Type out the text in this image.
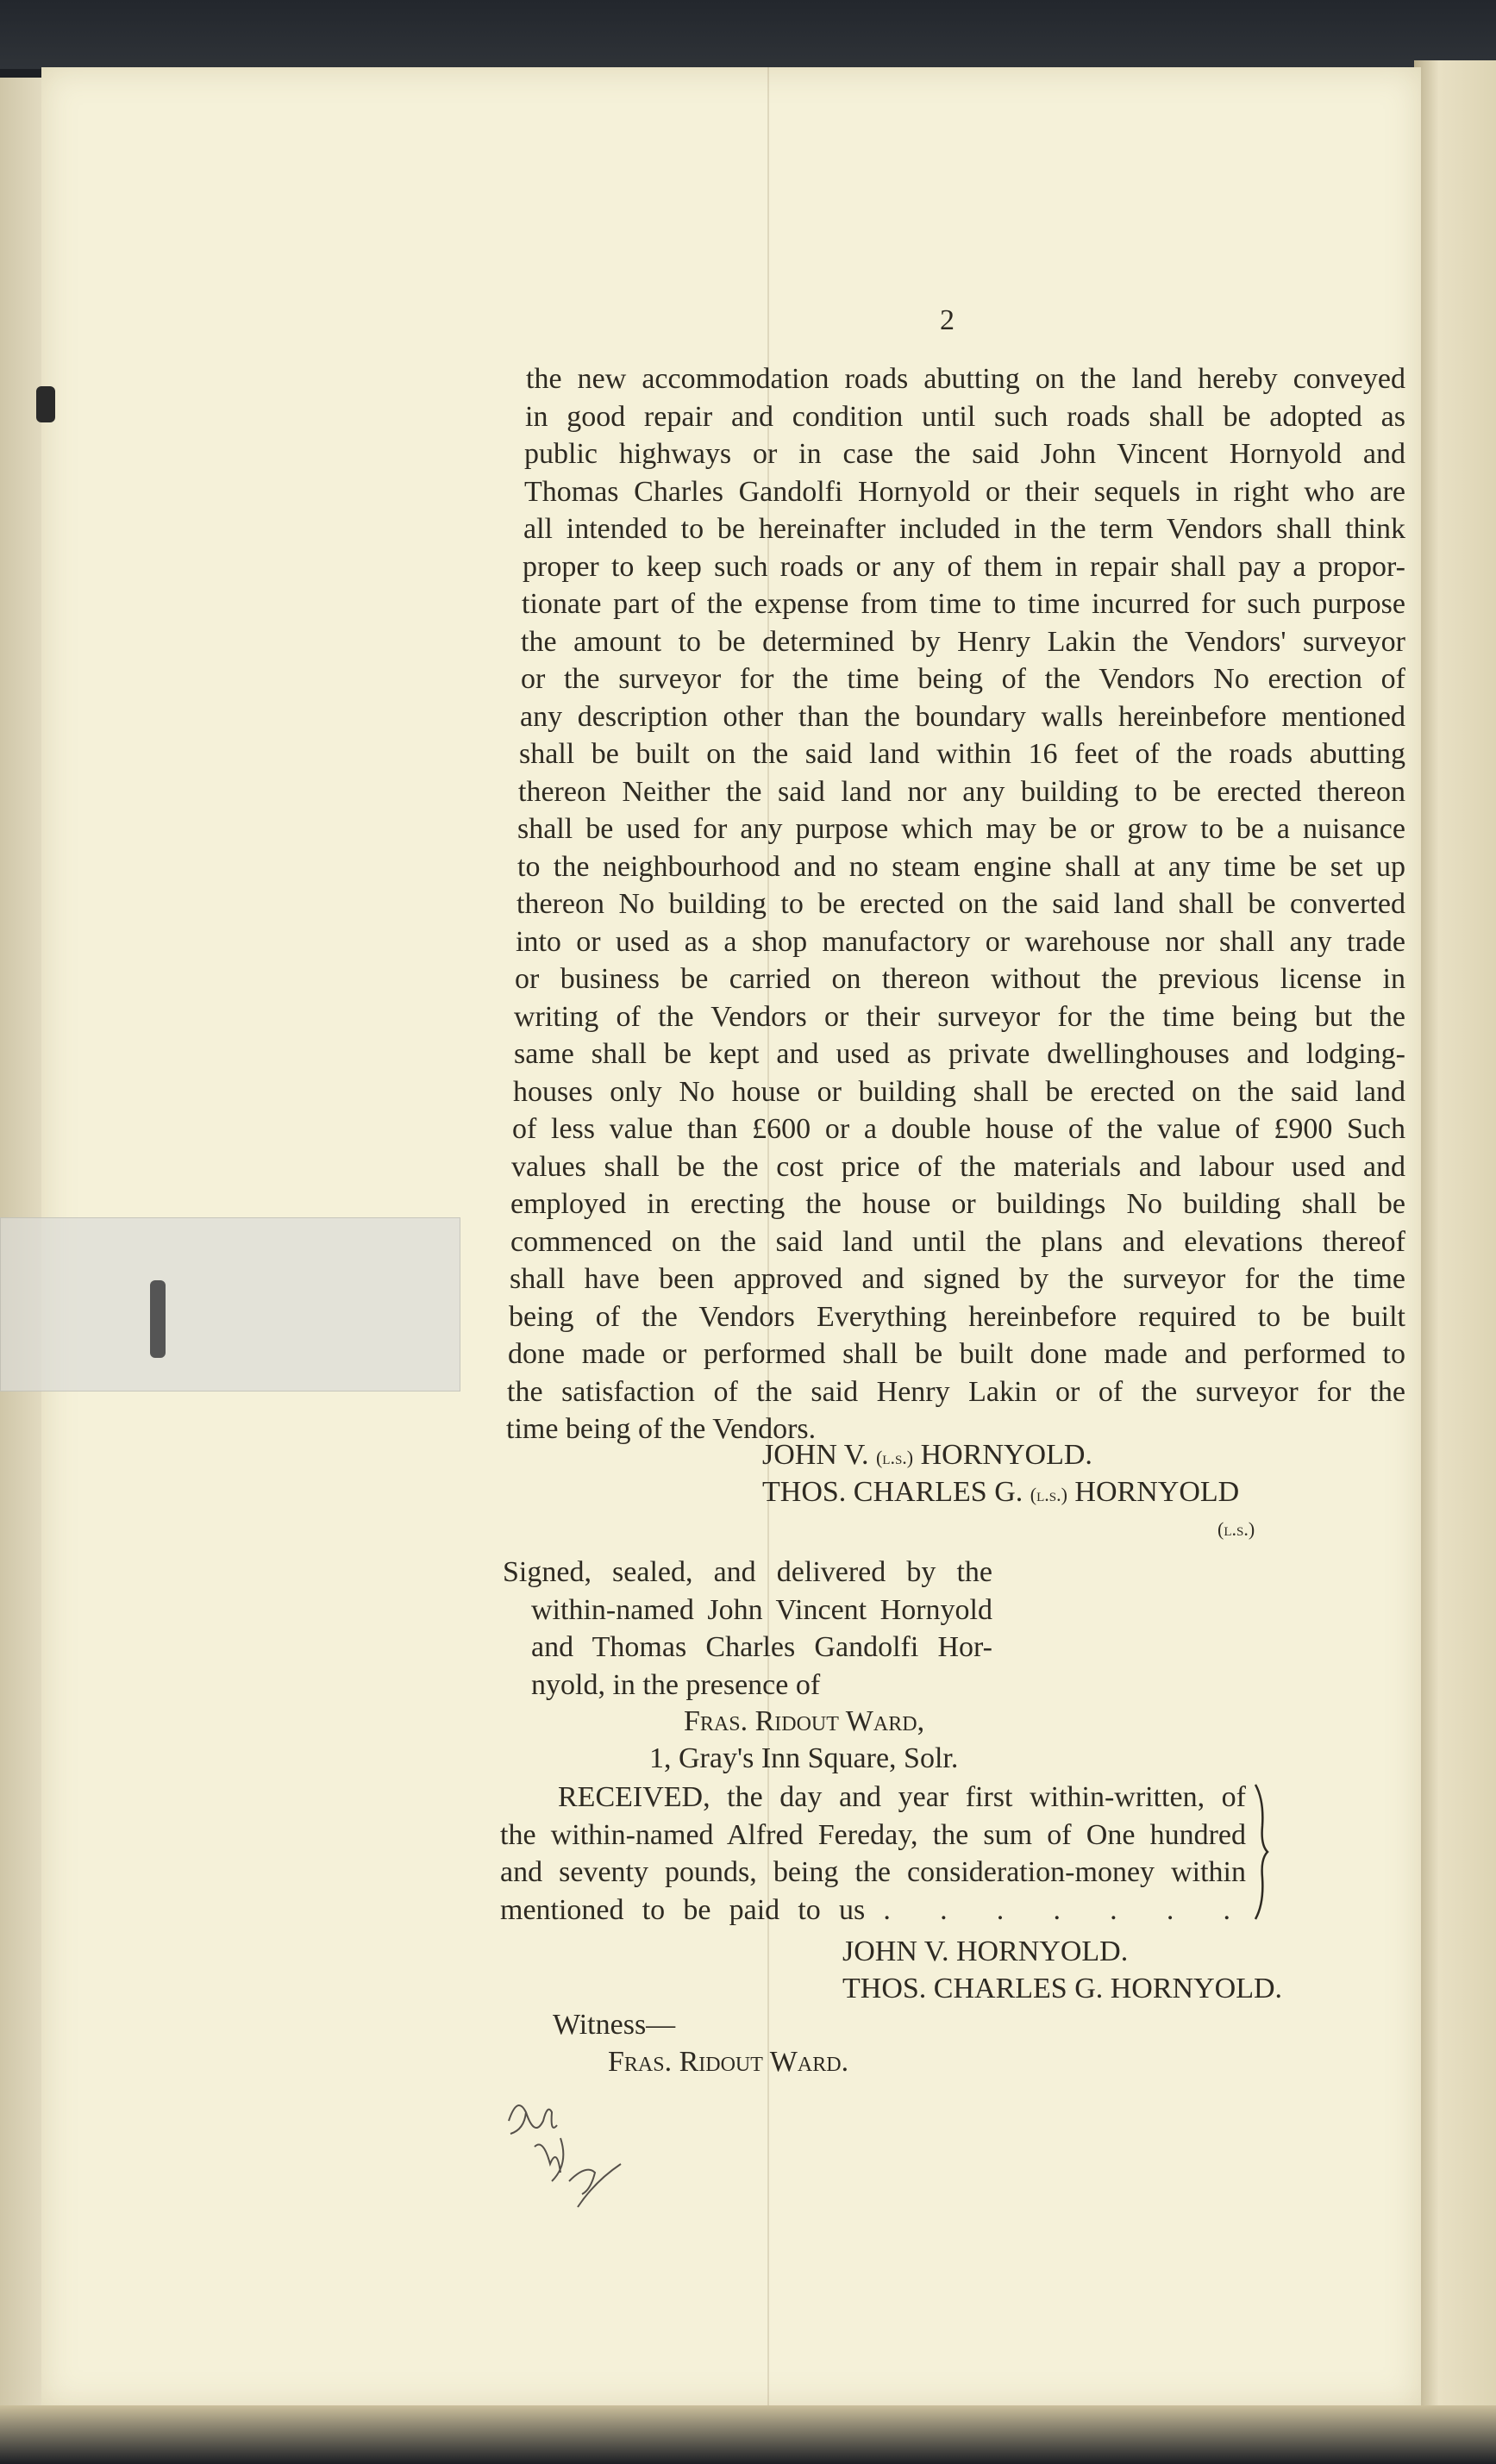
2
the new accommodation roads abutting on the land hereby conveyed
in good repair and condition until such roads shall be adopted as
public highways or in case the said John Vincent Hornyold and
Thomas Charles Gandolfi Hornyold or their sequels in right who are
all intended to be hereinafter included in the term Vendors shall think
proper to keep such roads or any of them in repair shall pay a propor-
tionate part of the expense from time to time incurred for such purpose
the amount to be determined by Henry Lakin the Vendors' surveyor
or the surveyor for the time being of the Vendors No erection of
any description other than the boundary walls hereinbefore mentioned
shall be built on the said land within 16 feet of the roads abutting
thereon Neither the said land nor any building to be erected thereon
shall be used for any purpose which may be or grow to be a nuisance
to the neighbourhood and no steam engine shall at any time be set up
thereon No building to be erected on the said land shall be converted
into or used as a shop manufactory or warehouse nor shall any trade
or business be carried on thereon without the previous license in
writing of the Vendors or their surveyor for the time being but the
same shall be kept and used as private dwellinghouses and lodging-
houses only No house or building shall be erected on the said land
of less value than £600 or a double house of the value of £900 Such
values shall be the cost price of the materials and labour used and
employed in erecting the house or buildings No building shall be
commenced on the said land until the plans and elevations thereof
shall have been approved and signed by the surveyor for the time
being of the Vendors Everything hereinbefore required to be built
done made or performed shall be built done made and performed to
the satisfaction of the said Henry Lakin or of the surveyor for the
time being of the Vendors.
JOHN V. (l.s.) HORNYOLD.
THOS. CHARLES G. (l.s.) HORNYOLD
(l.s.)
Signed, sealed, and delivered by the
within-named John Vincent Hornyold
and Thomas Charles Gandolfi Hor-
nyold, in the presence of
Fras. Ridout Ward,
1, Gray's Inn Square, Solr.
RECEIVED, the day and year first within-written, of
the within-named Alfred Fereday, the sum of One hundred
and seventy pounds, being the consideration-money within
mentioned to be paid to us . . . . . . .
JOHN V. HORNYOLD.
THOS. CHARLES G. HORNYOLD.
Witness—
Fras. Ridout Ward.
